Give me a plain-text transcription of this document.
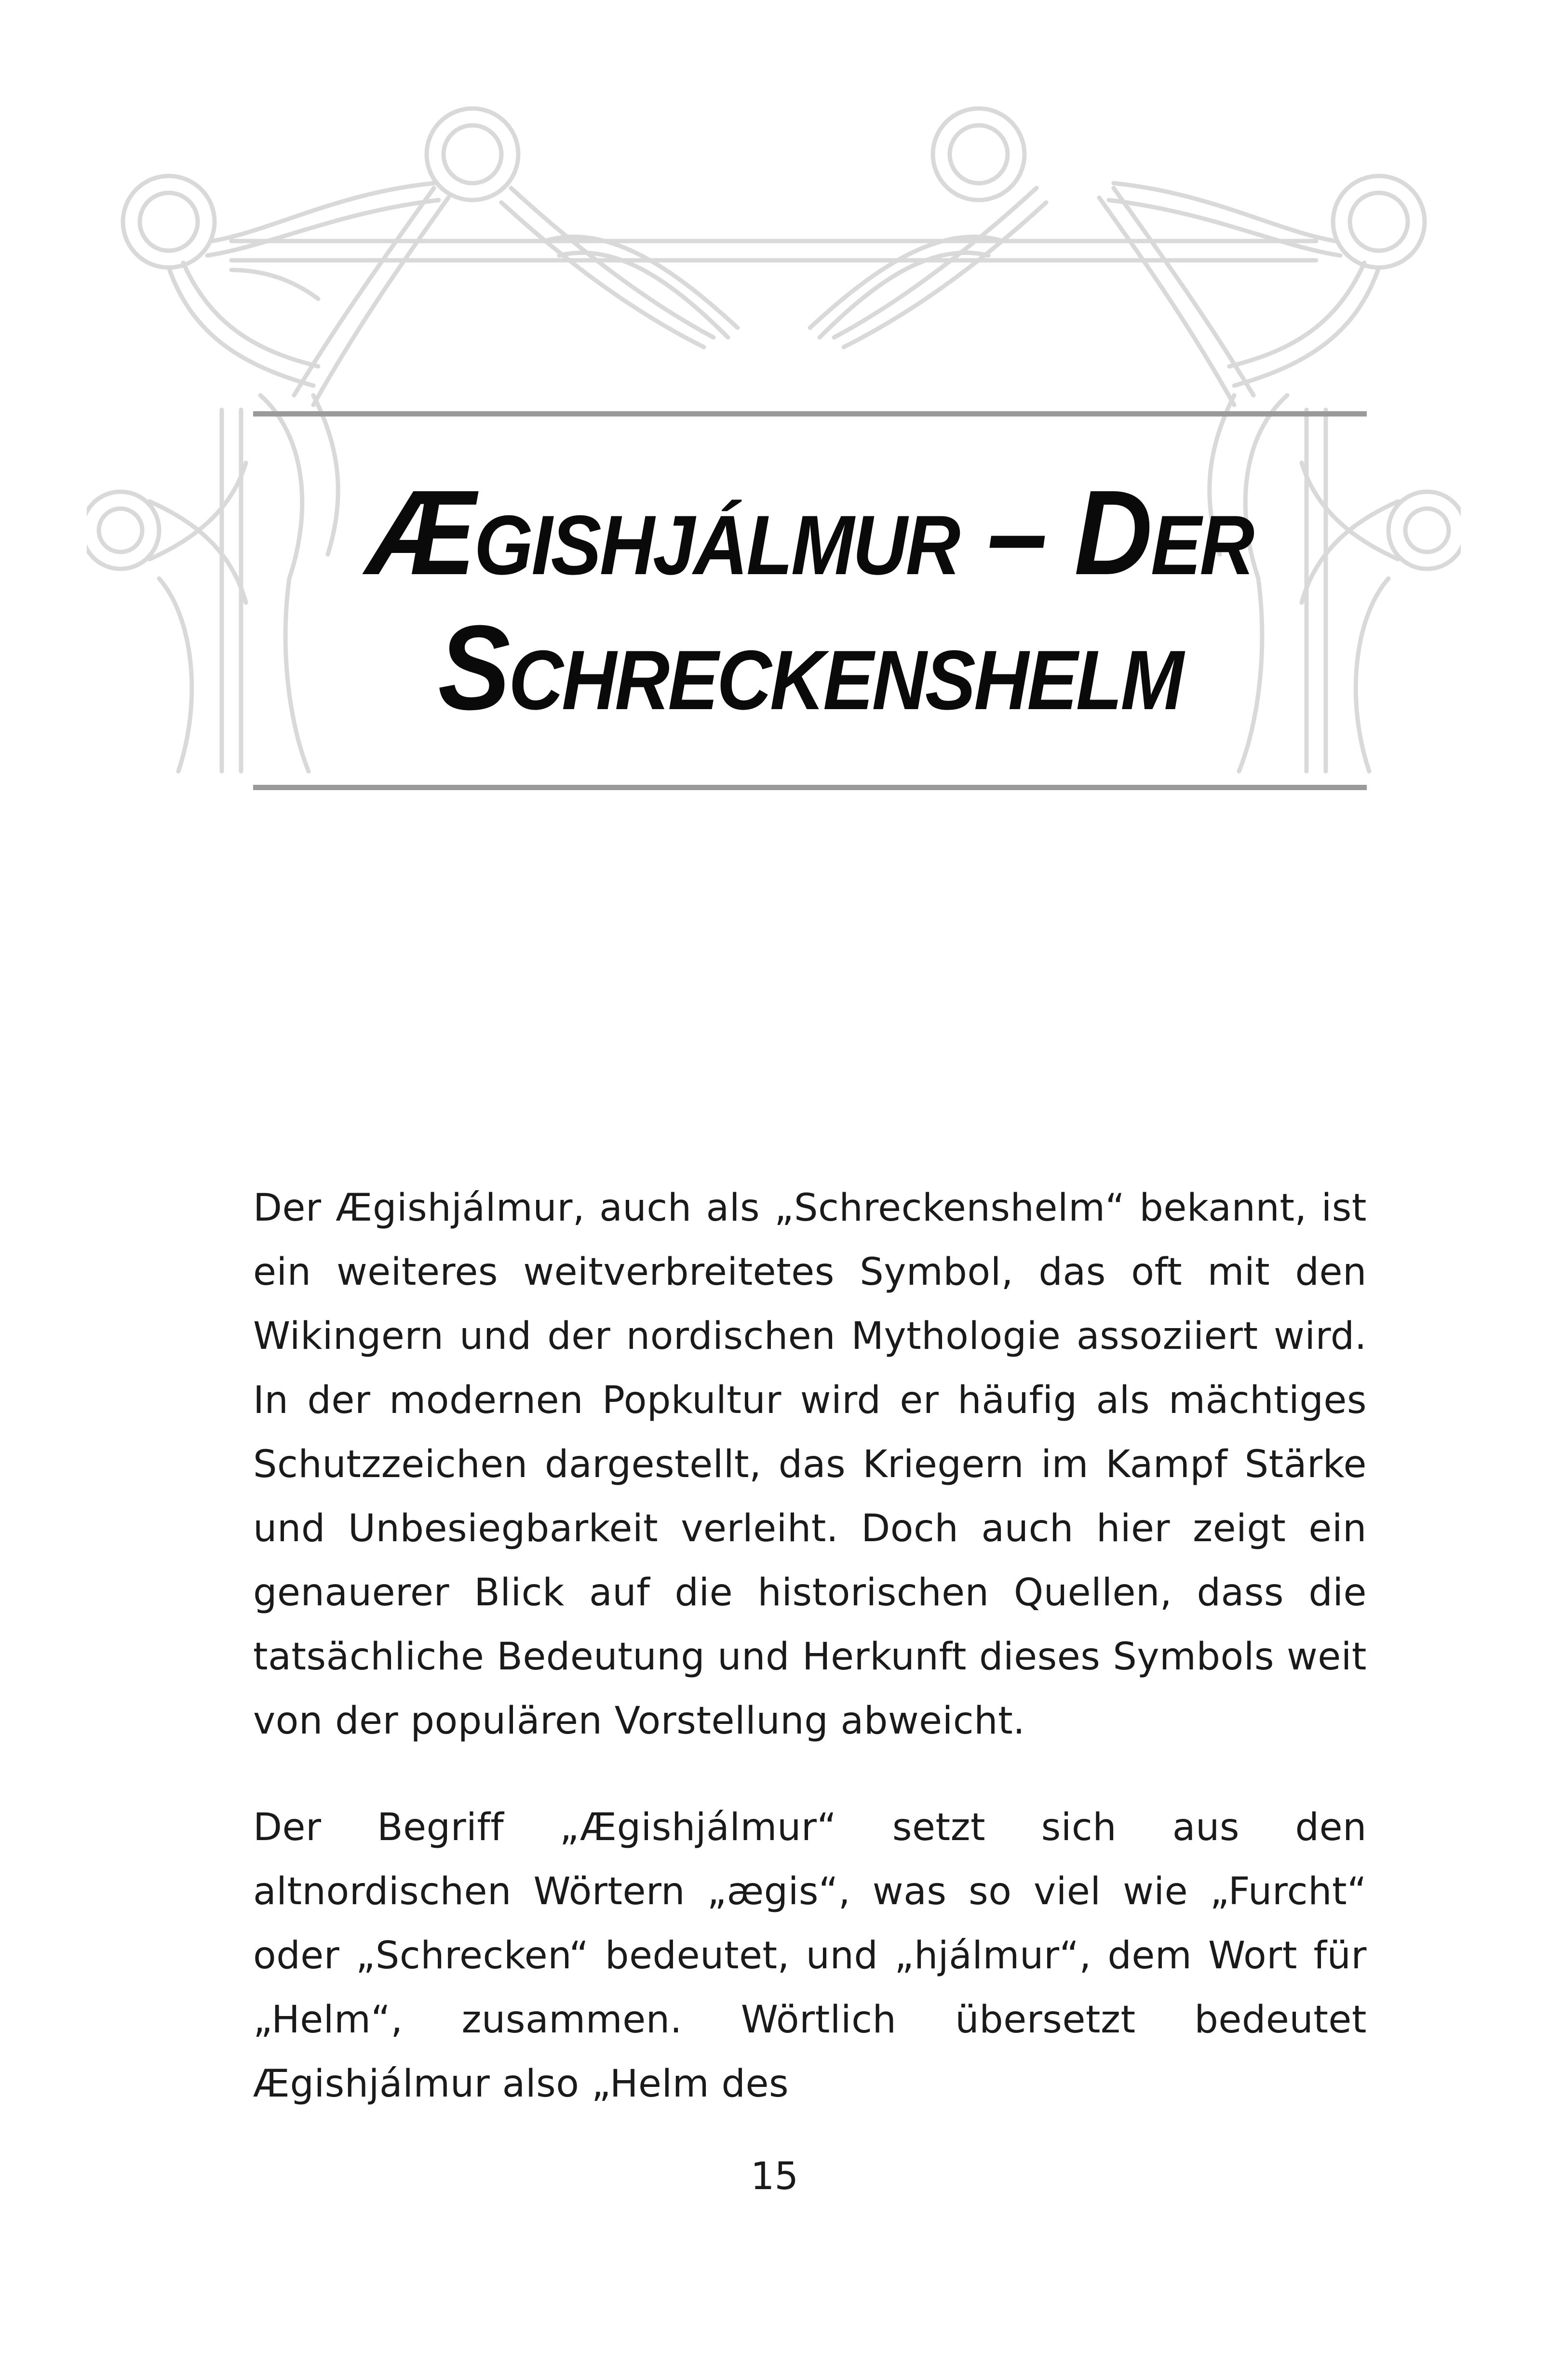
Ægishjálmur – Der
Schreckenshelm

Der Ægishjálmur, auch als „Schreckenshelm“ bekannt, ist ein weiteres weitverbreitetes Symbol, das oft mit den Wikingern und der nordischen Mythologie assoziiert wird. In der modernen Popkultur wird er häufig als mächtiges Schutzzeichen dargestellt, das Kriegern im Kampf Stärke und Unbesiegbarkeit verleiht. Doch auch hier zeigt ein genauerer Blick auf die historischen Quellen, dass die tatsächliche Bedeutung und Herkunft dieses Symbols weit von der populären Vorstellung abweicht.

Der Begriff „Ægishjálmur“ setzt sich aus den altnordischen Wörtern „ægis“, was so viel wie „Furcht“ oder „Schrecken“ bedeutet, und „hjálmur“, dem Wort für „Helm“, zusammen. Wörtlich übersetzt bedeutet Ægishjálmur also „Helm des

15
